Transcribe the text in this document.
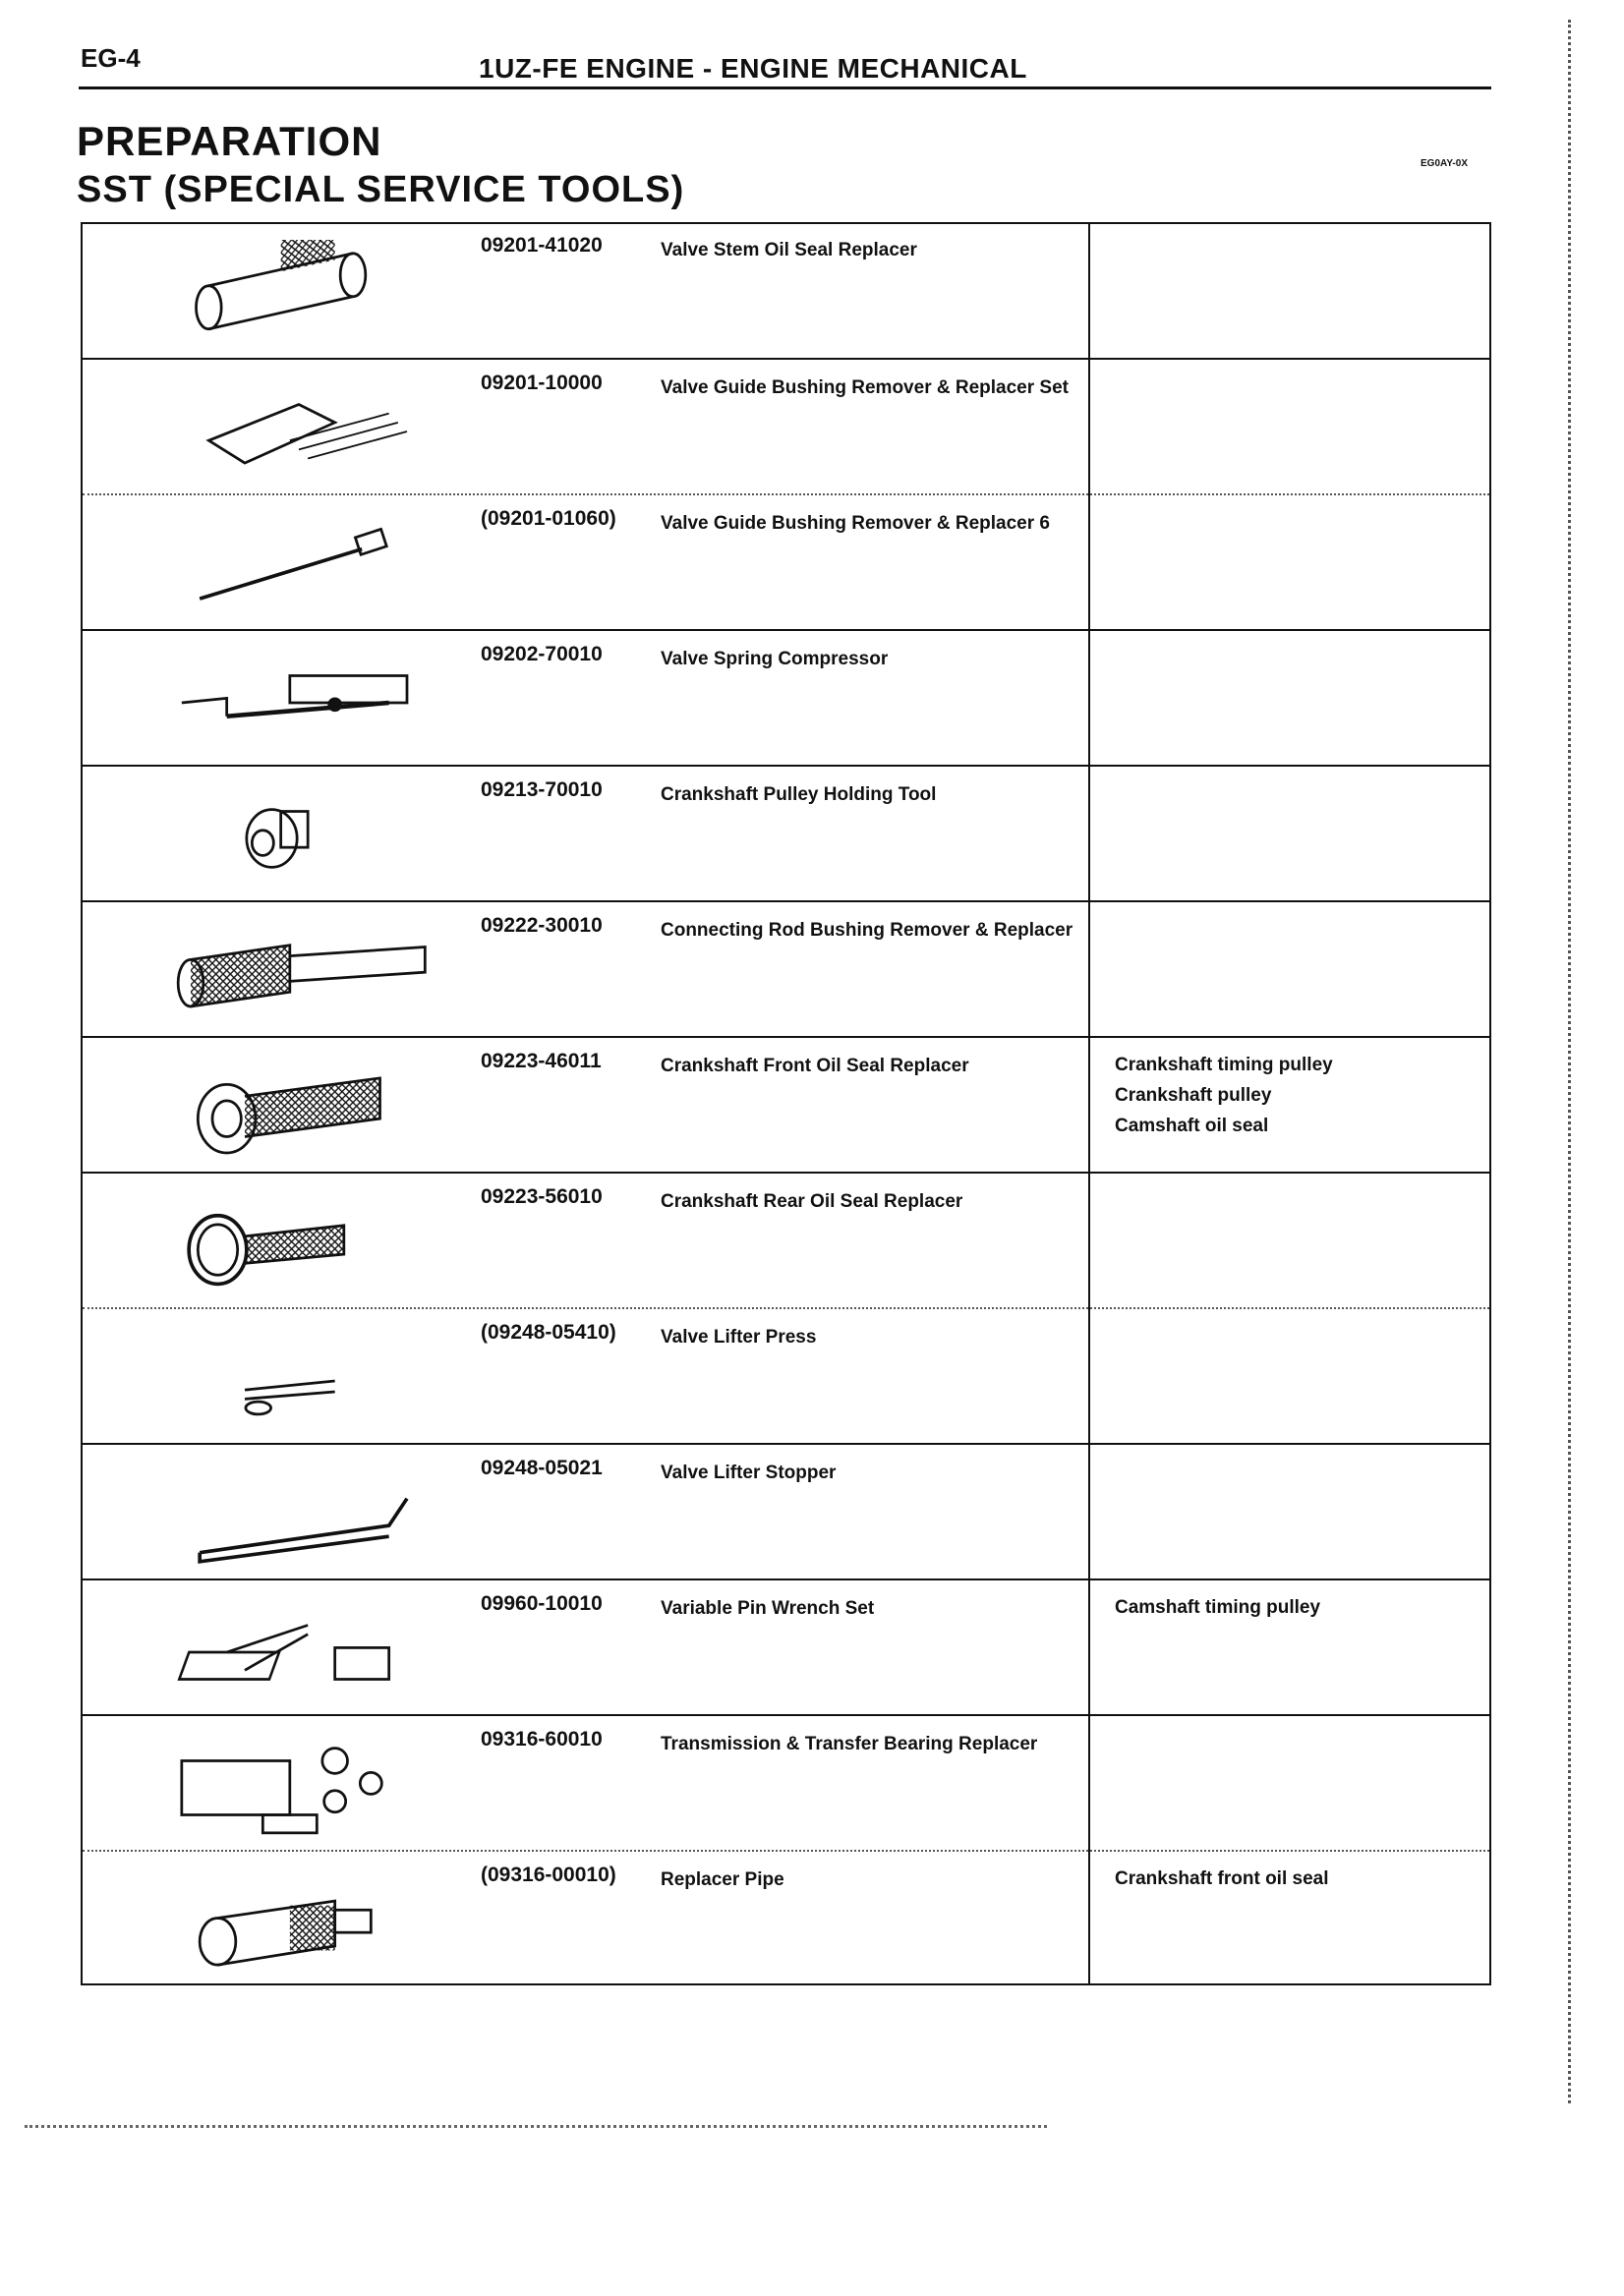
EG-4	1UZ-FE ENGINE - ENGINE MECHANICAL
PREPARATION
SST (SPECIAL SERVICE TOOLS)
EG0AY-0X
09201-41020	Valve Stem Oil Seal Replacer
09201-10000	Valve Guide Bushing Remover & Replacer Set
(09201-01060) Valve Guide Bushing Remover & Replacer 6
09202-70010	Valve Spring Compressor
09213-70010	Crankshaft Pulley Holding Tool
09222-30010	Connecting Rod Bushing Remover & Replacer
09223-46011	Crankshaft Front Oil Seal Replacer	Crankshaft timing pulley
Crankshaft pulley
Camshaft oil seal
09223-56010	Crankshaft Rear Oil Seal Replacer
(09248-05410) Valve Lifter Press
09248-05021	Valve Lifter Stopper
09960-10010	Variable Pin Wrench Set	Camshaft timing pulley
09316-60010	Transmission & Transfer Bearing Replacer
(09316-00010) Replacer Pipe	Crankshaft front oil seal
